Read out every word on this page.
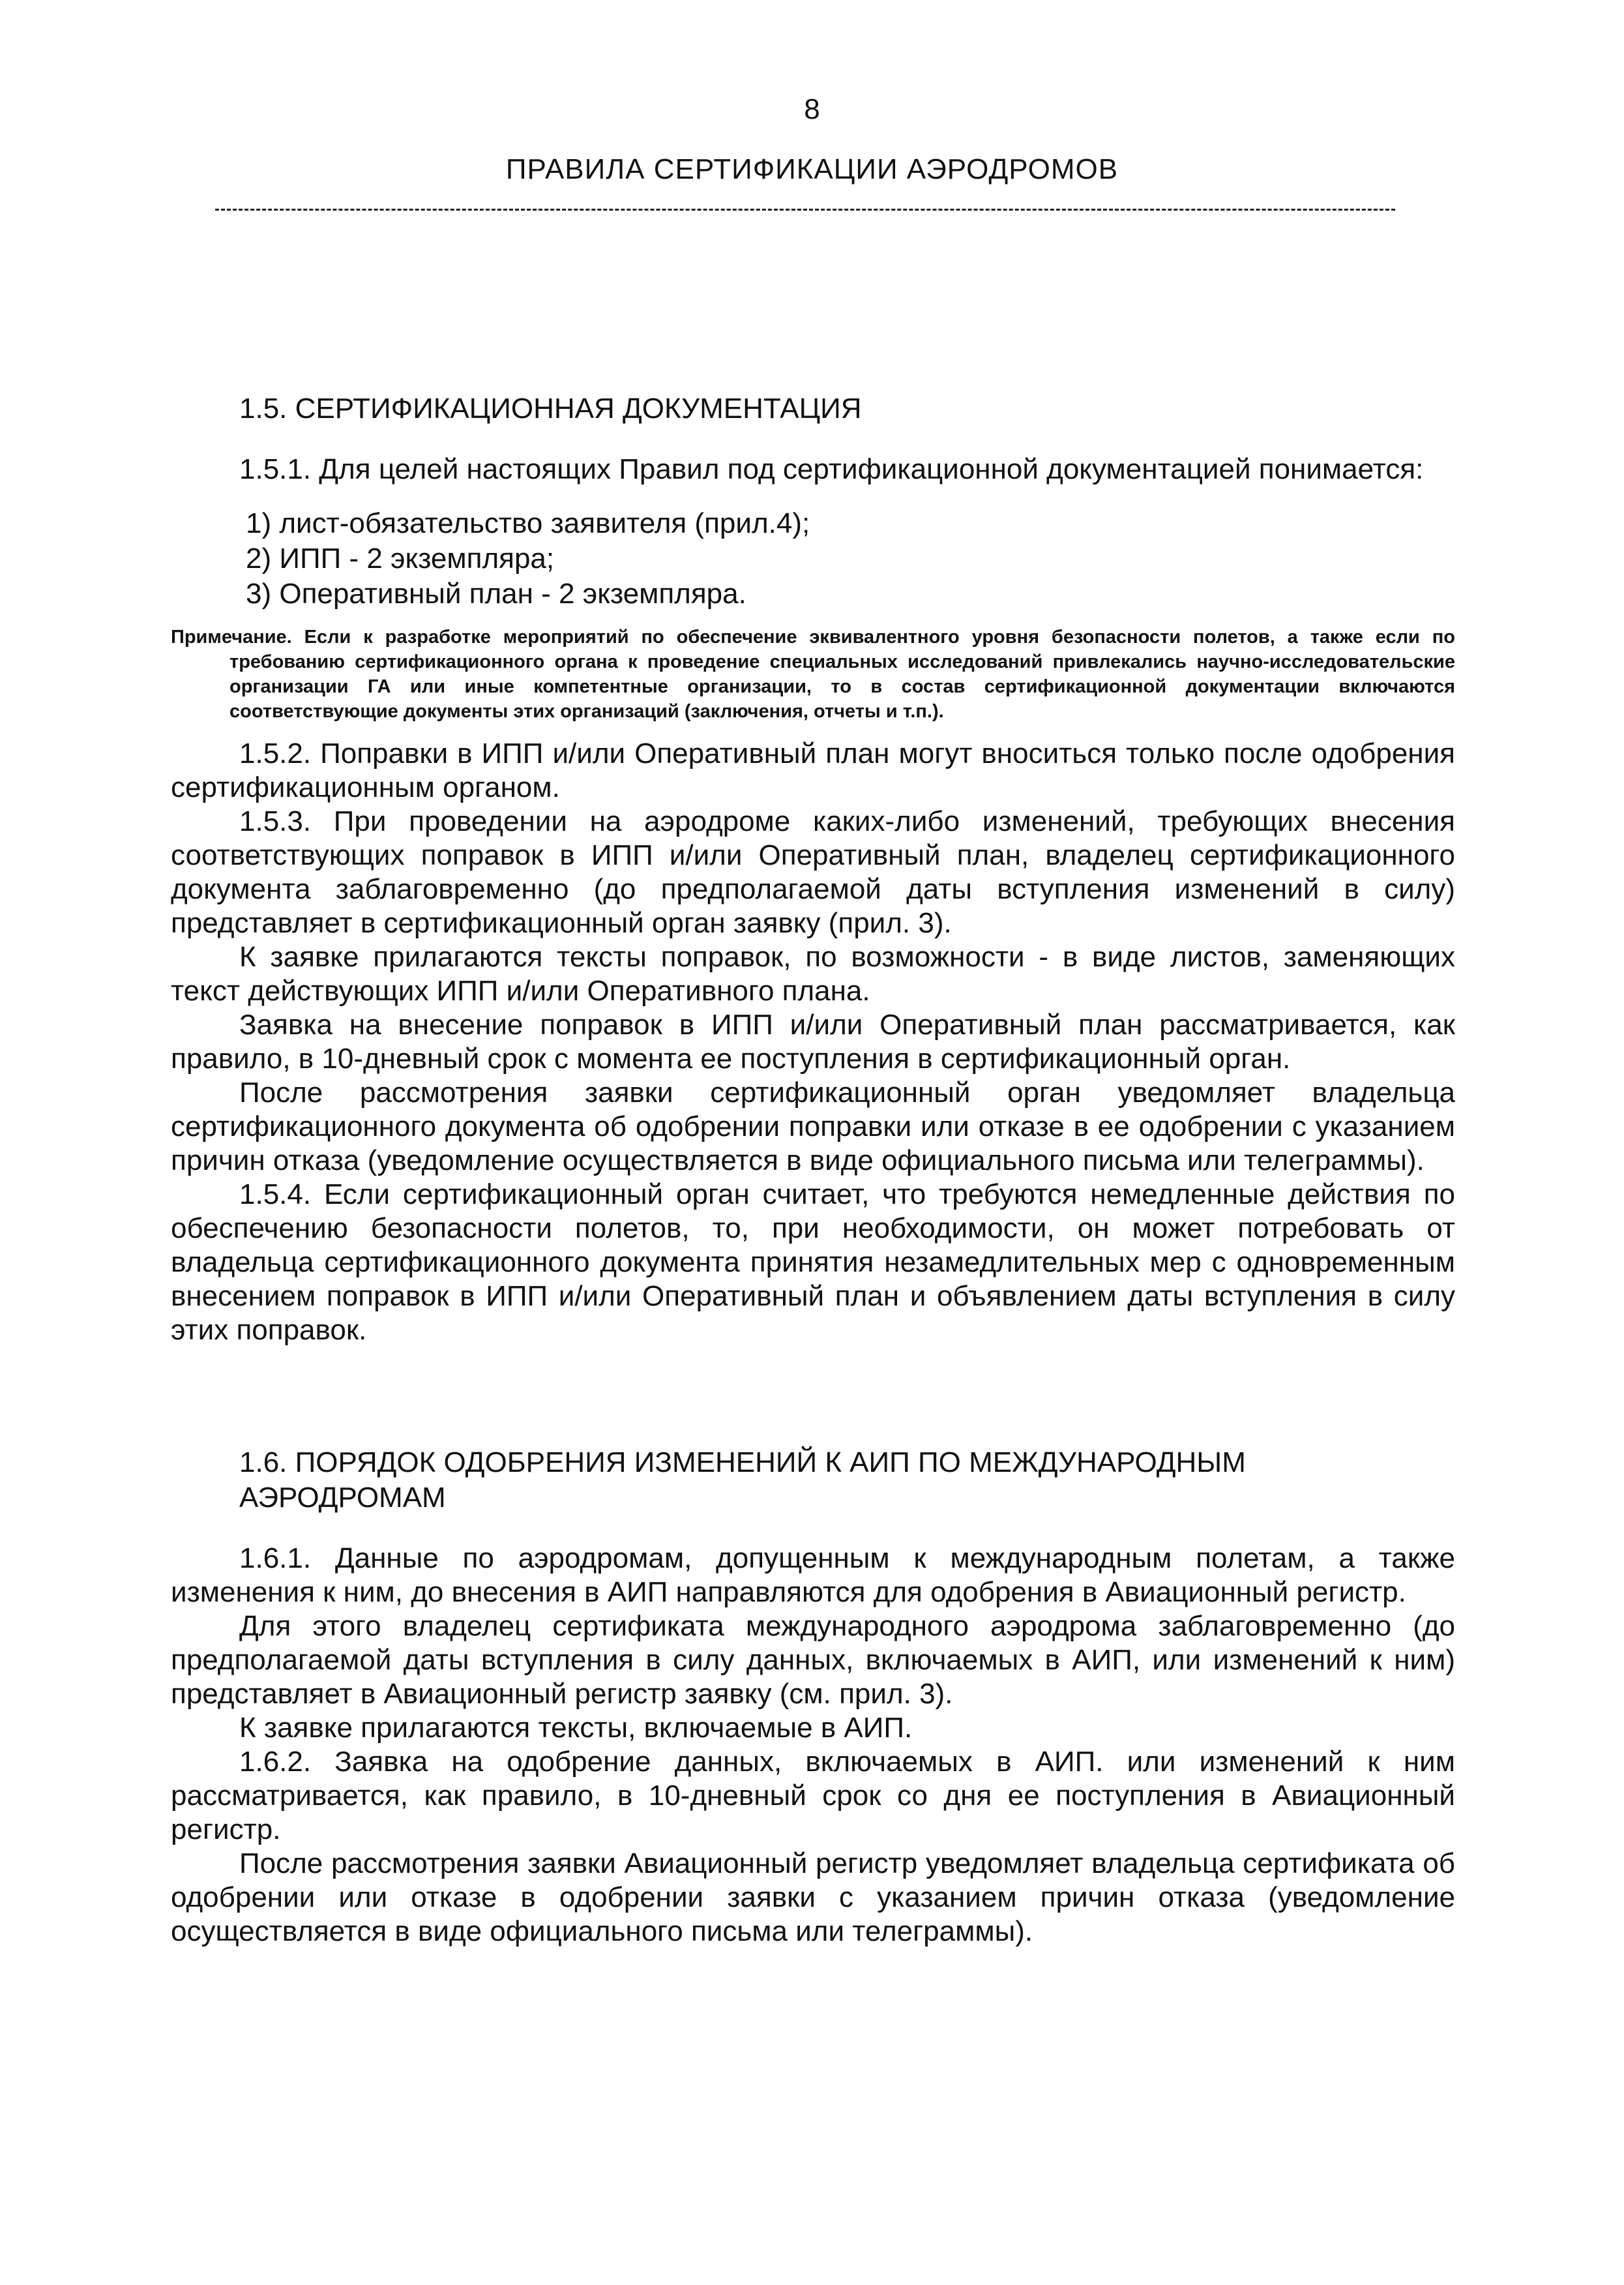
8
ПРАВИЛА СЕРТИФИКАЦИИ АЭРОДРОМОВ
1.5. СЕРТИФИКАЦИОННАЯ ДОКУМЕНТАЦИЯ

1.5.1. Для целей настоящих Правил под сертификационной документацией понимается:

1) лист-обязательство заявителя (прил.4);
2) ИПП - 2 экземпляра;
3) Оперативный план - 2 экземпляра.

Примечание. Если к разработке мероприятий по обеспечение эквивалентного уровня безопасности полетов, а также если по требованию сертификационного органа к проведение специальных исследований привлекались научно-исследовательские организации ГА или иные компетентные организации, то в состав сертификационной документации включаются соответствующие документы этих организаций (заключения, отчеты и т.п.).

1.5.2. Поправки в ИПП и/или Оперативный план могут вноситься только после одобрения сертификационным органом.

1.5.3. При проведении на аэродроме каких-либо изменений, требующих внесения соответствующих поправок в ИПП и/или Оперативный план, владелец сертификационного документа заблаговременно (до предполагаемой даты вступления изменений в силу) представляет в сертификационный орган заявку (прил. 3).

К заявке прилагаются тексты поправок, по возможности - в виде листов, заменяющих текст действующих ИПП и/или Оперативного плана.

Заявка на внесение поправок в ИПП и/или Оперативный план рассматривается, как правило, в 10-дневный срок с момента ее поступления в сертификационный орган.

После рассмотрения заявки сертификационный орган уведомляет владельца сертификационного документа об одобрении поправки или отказе в ее одобрении с указанием причин отказа (уведомление осуществляется в виде официального письма или телеграммы).

1.5.4. Если сертификационный орган считает, что требуются немедленные действия по обеспечению безопасности полетов, то, при необходимости, он может потребовать от владельца сертификационного документа принятия незамедлительных мер с одновременным внесением поправок в ИПП и/или Оперативный план и объявлением даты вступления в силу этих поправок.

1.6. ПОРЯДОК ОДОБРЕНИЯ ИЗМЕНЕНИЙ К АИП ПО МЕЖДУНАРОДНЫМ
АЭРОДРОМАМ

1.6.1. Данные по аэродромам, допущенным к международным полетам, а также изменения к ним, до внесения в АИП направляются для одобрения в Авиационный регистр.

Для этого владелец сертификата международного аэродрома заблаговременно (до предполагаемой даты вступления в силу данных, включаемых в АИП, или изменений к ним) представляет в Авиационный регистр заявку (см. прил. 3).

К заявке прилагаются тексты, включаемые в АИП.

1.6.2. Заявка на одобрение данных, включаемых в АИП. или изменений к ним рассматривается, как правило, в 10-дневный срок со дня ее поступления в Авиационный регистр.

После рассмотрения заявки Авиационный регистр уведомляет владельца сертификата об одобрении или отказе в одобрении заявки с указанием причин отказа (уведомление осуществляется в виде официального письма или телеграммы).
